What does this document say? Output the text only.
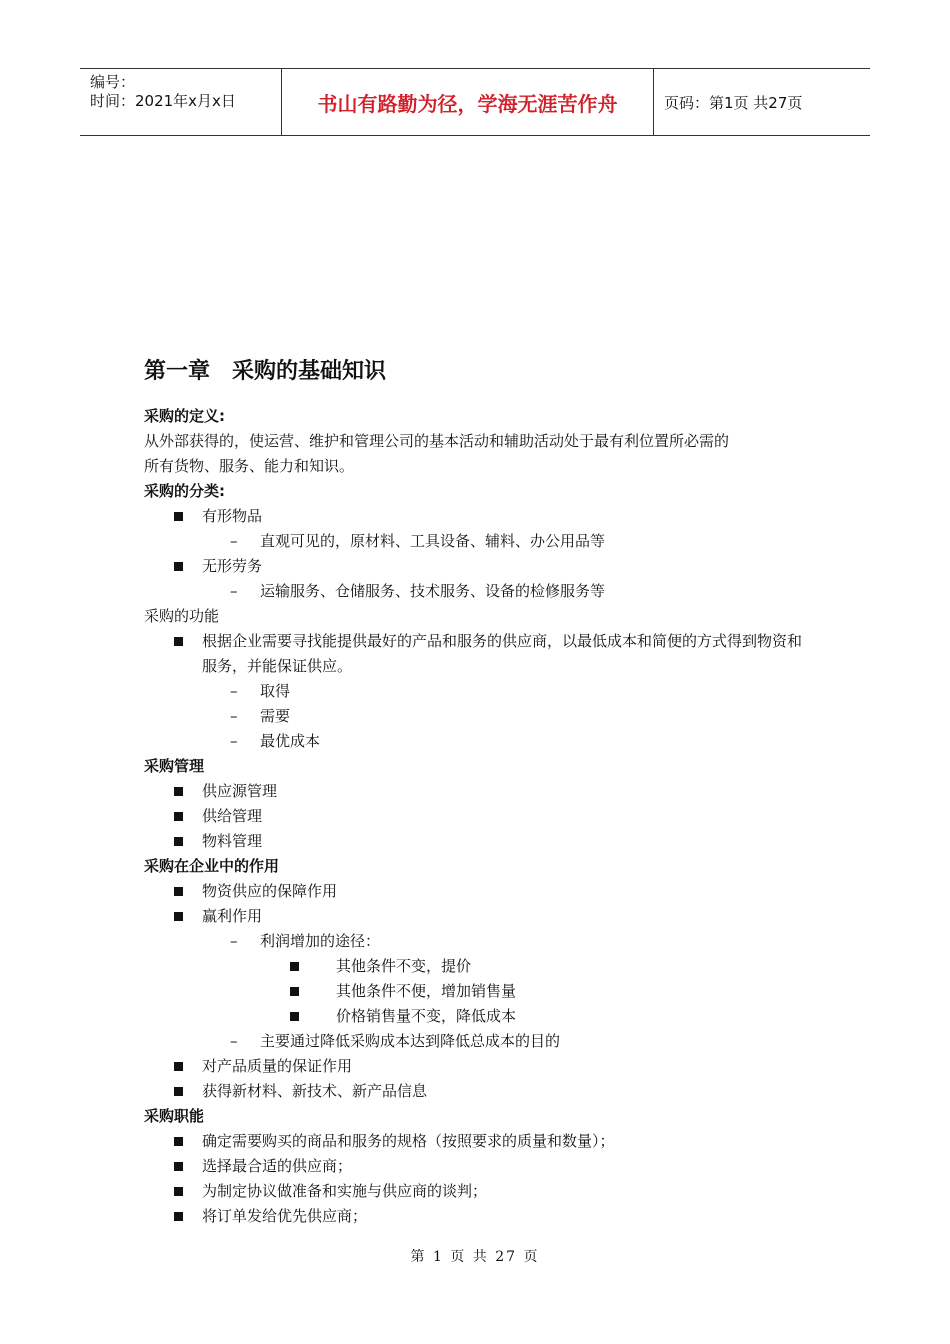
编号：
时间：2021年x月x日	书山有路勤为径，学海无涯苦作舟	页码：第1页 共27页
第一章　采购的基础知识
采购的定义:
从外部获得的，使运营、维护和管理公司的基本活动和辅助活动处于最有利位置所必需的
所有货物、服务、能力和知识。
采购的分类:
有形物品
–	直观可见的，原材料、工具设备、辅料、办公用品等
无形劳务
–	运输服务、仓储服务、技术服务、设备的检修服务等
采购的功能
根据企业需要寻找能提供最好的产品和服务的供应商，以最低成本和简便的方式得到物资和服务，并能保证供应。
–	取得
–	需要
–	最优成本
采购管理
供应源管理
供给管理
物料管理
采购在企业中的作用
物资供应的保障作用
赢利作用
–	利润增加的途径：
其他条件不变，提价
其他条件不便，增加销售量
价格销售量不变，降低成本
–	主要通过降低采购成本达到降低总成本的目的
对产品质量的保证作用
获得新材料、新技术、新产品信息
采购职能
确定需要购买的商品和服务的规格（按照要求的质量和数量）；
选择最合适的供应商；
为制定协议做准备和实施与供应商的谈判；
将订单发给优先供应商；
第 1 页 共 27 页
